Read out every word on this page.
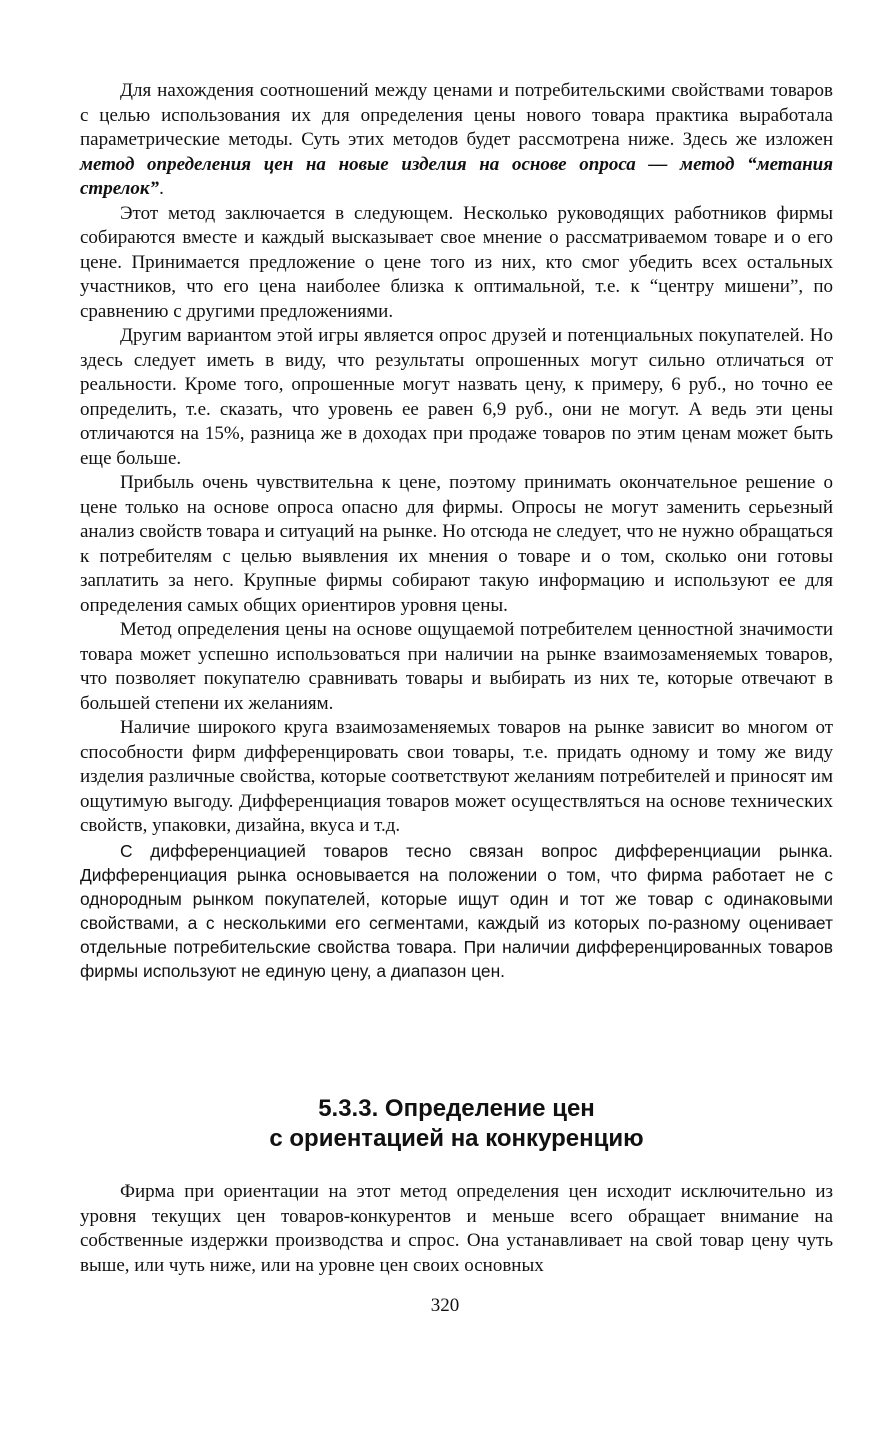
Для нахождения соотношений между ценами и потребительскими свойствами товаров с целью использования их для определения цены нового товара практика выработала параметрические методы. Суть этих методов будет рассмотрена ниже. Здесь же изложен метод определения цен на новые изделия на основе опроса — метод “метания стрелок”.

Этот метод заключается в следующем. Несколько руководящих работников фирмы собираются вместе и каждый высказывает свое мнение о рассматриваемом товаре и о его цене. Принимается предложение о цене того из них, кто смог убедить всех остальных участников, что его цена наиболее близка к оптимальной, т.е. к “центру мишени”, по сравнению с другими предложениями.

Другим вариантом этой игры является опрос друзей и потенциальных покупателей. Но здесь следует иметь в виду, что результаты опрошенных могут сильно отличаться от реальности. Кроме того, опрошенные могут назвать цену, к примеру, 6 руб., но точно ее определить, т.е. сказать, что уровень ее равен 6,9 руб., они не могут. А ведь эти цены отличаются на 15%, разница же в доходах при продаже товаров по этим ценам может быть еще больше.

Прибыль очень чувствительна к цене, поэтому принимать окончательное решение о цене только на основе опроса опасно для фирмы. Опросы не могут заменить серьезный анализ свойств товара и ситуаций на рынке. Но отсюда не следует, что не нужно обращаться к потребителям с целью выявления их мнения о товаре и о том, сколько они готовы заплатить за него. Крупные фирмы собирают такую информацию и используют ее для определения самых общих ориентиров уровня цены.

Метод определения цены на основе ощущаемой потребителем ценностной значимости товара может успешно использоваться при наличии на рынке взаимозаменяемых товаров, что позволяет покупателю сравнивать товары и выбирать из них те, которые отвечают в большей степени их желаниям.

Наличие широкого круга взаимозаменяемых товаров на рынке зависит во многом от способности фирм дифференцировать свои товары, т.е. придать одному и тому же виду изделия различные свойства, которые соответствуют желаниям потребителей и приносят им ощутимую выгоду. Дифференциация товаров может осуществляться на основе технических свойств, упаковки, дизайна, вкуса и т.д.

С дифференциацией товаров тесно связан вопрос дифференциации рынка. Дифференциация рынка основывается на положении о том, что фирма работает не с однородным рынком покупателей, которые ищут один и тот же товар с одинаковыми свойствами, а с несколькими его сегментами, каждый из которых по-разному оценивает отдельные потребительские свойства товара. При наличии дифференцированных товаров фирмы используют не единую цену, а диапазон цен.

5.3.3. Определение цен
с ориентацией на конкуренцию

Фирма при ориентации на этот метод определения цен исходит исключительно из уровня текущих цен товаров-конкурентов и меньше всего обращает внимание на собственные издержки производства и спрос. Она устанавливает на свой товар цену чуть выше, или чуть ниже, или на уровне цен своих основных

320
